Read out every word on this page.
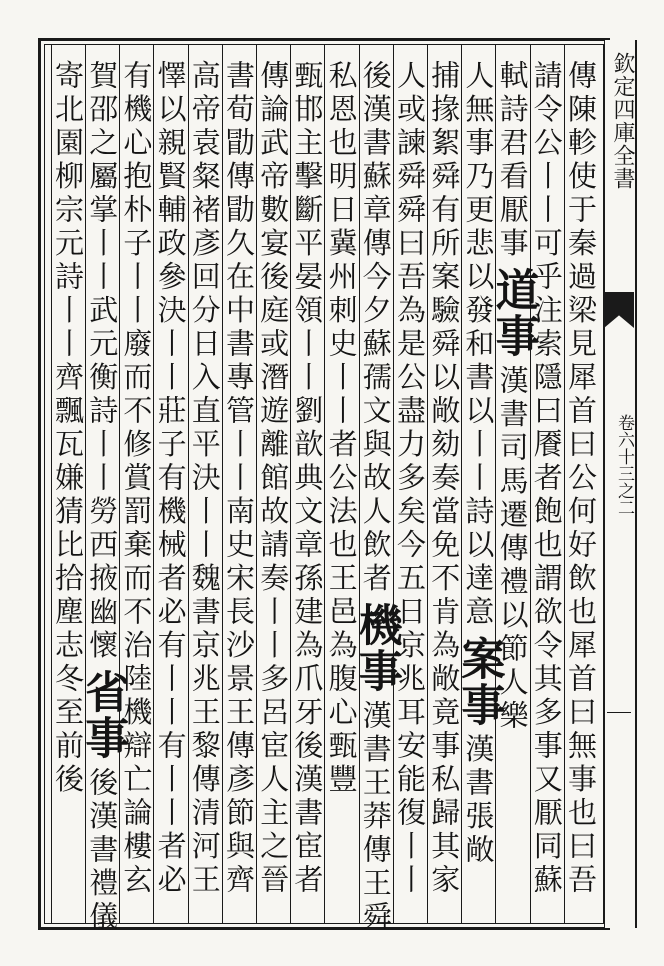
欽定四庫全書
卷六十三之二
傳陳軫使于秦過梁見犀首曰公何好飲也犀首曰無事也曰吾
請令公丨丨可乎注索隱曰餍者飽也謂欲令其多事又厭同蘇
軾詩君看厭事道事漢書司馬遷傳禮以節人樂
人無事乃更悲以發和書以丨丨詩以達意案事漢書張敞
捕掾絮舜有所案驗舜以敞劾奏當免不肯為敞竟事私歸其家
人或諫舜舜曰吾為是公盡力多矣今五日京兆耳安能復丨丨
後漢書蘇章傳今夕蘇孺文與故人飲者機事漢書王莽傳王舜
私恩也明日冀州刺史丨丨者公法也王邑為腹心甄豐
甄邯主擊斷平晏領丨丨劉歆典文章孫建為爪牙後漢書宦者
傳論武帝數宴後庭或潛遊離館故請奏丨丨多呂宦人主之晉
書荀勖傳勖久在中書專管丨丨南史宋長沙景王傳彥節與齊
高帝袁粲褚彥回分日入直平決丨丨魏書京兆王黎傳清河王
懌以親賢輔政參決丨丨莊子有機械者必有丨丨有丨丨者必
有機心抱朴子丨丨廢而不修賞罰棄而不治陸機辯亡論樓玄
賀邵之屬掌丨丨武元衡詩丨丨勞西掖幽懷省事後漢書禮儀
寄北園柳宗元詩丨丨齊飄瓦嫌猜比拾塵志冬至前後
